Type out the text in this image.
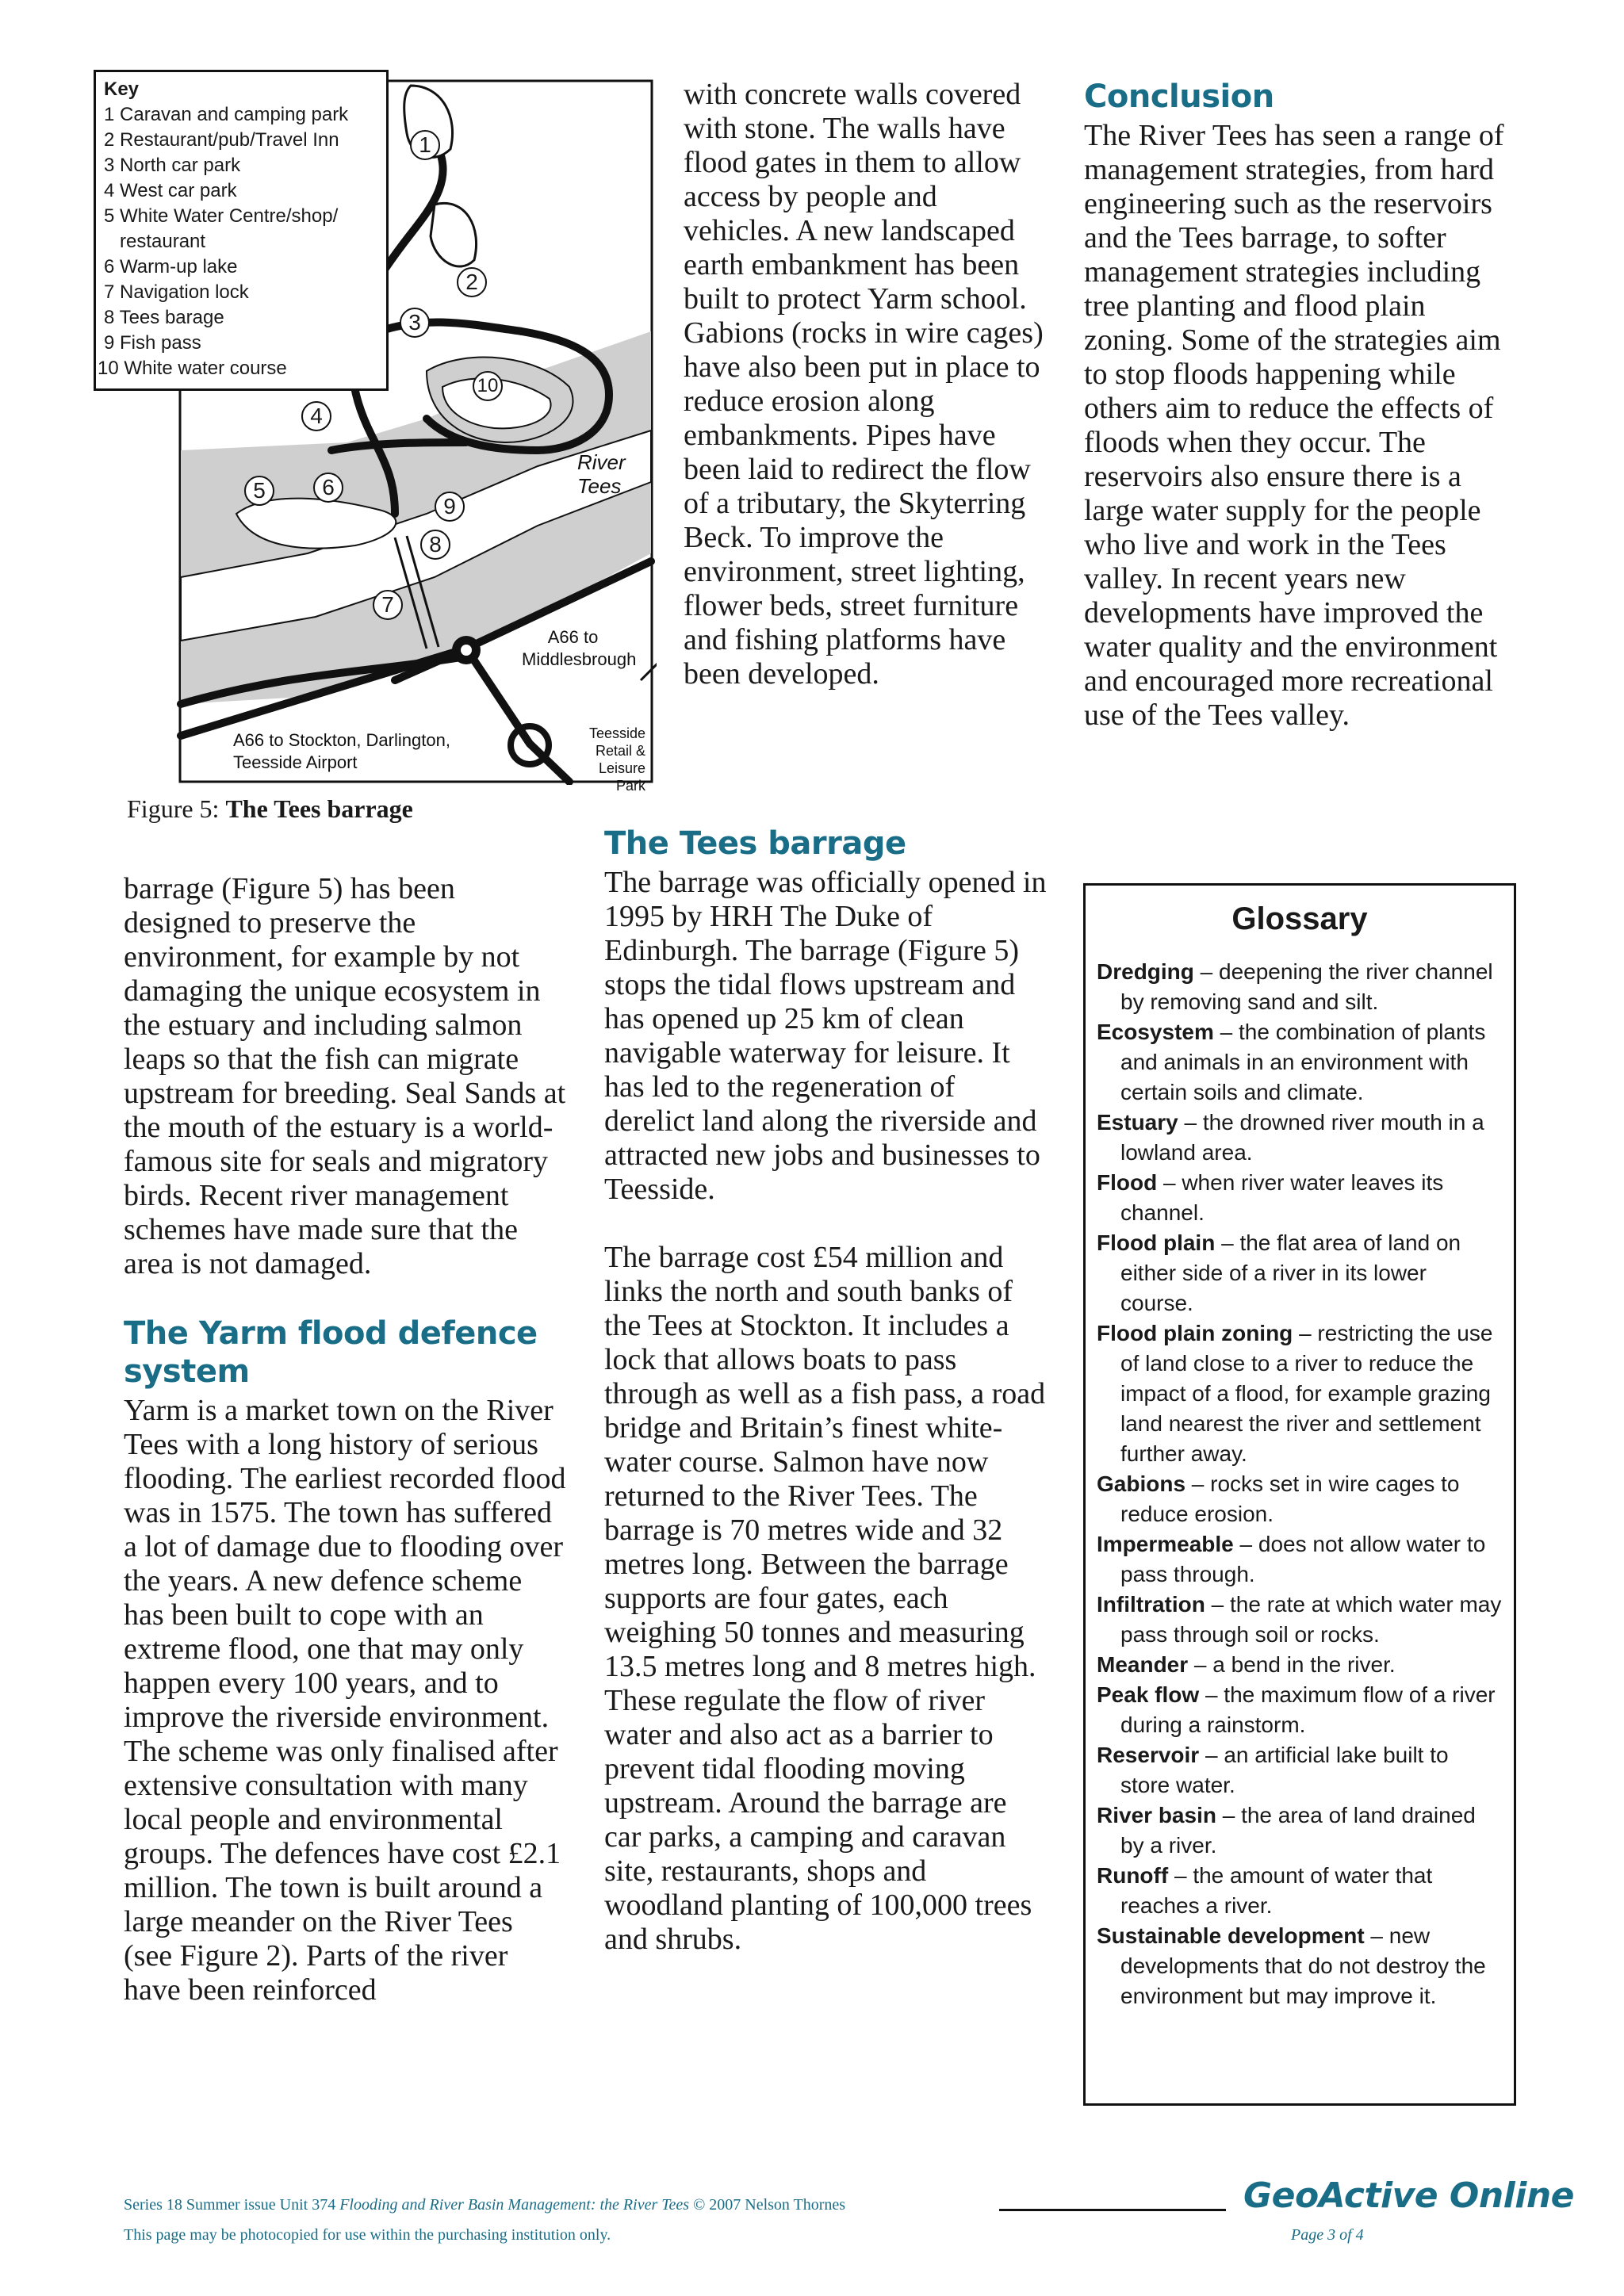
1
2
3
4
5	6
7
8
9
10
River
Tees
A66 to
Middlesbrough
A66 to Stockton, Darlington,
Teesside Airport
Teesside
Retail & Leisure
Park
Key
1 Caravan and camping park
2 Restaurant/pub/Travel Inn
3 North car park
4 West car park
5 White Water Centre/shop/
restaurant
6 Warm-up lake
7 Navigation lock
8 Tees barage
9 Fish pass
10 White water course
Figure 5: The Tees barrage

barrage (Figure 5) has been designed to preserve the environment, for example by not damaging the unique ecosystem in the estuary and including salmon leaps so that the fish can migrate upstream for breeding. Seal Sands at the mouth of the estuary is a world-famous site for seals and migratory birds. Recent river management schemes have made sure that the area is not damaged.

The Yarm flood defence system

Yarm is a market town on the River Tees with a long history of serious flooding. The earliest recorded flood was in 1575. The town has suffered a lot of damage due to flooding over the years. A new defence scheme has been built to cope with an extreme flood, one that may only happen every 100 years, and to improve the riverside environment. The scheme was only finalised after extensive consultation with many local people and environmental groups. The defences have cost £2.1 million. The town is built around a large meander on the River Tees (see Figure 2). Parts of the river have been reinforced

with concrete walls covered with stone. The walls have flood gates in them to allow access by people and vehicles. A new landscaped earth embankment has been built to protect Yarm school. Gabions (rocks in wire cages) have also been put in place to reduce erosion along embankments. Pipes have been laid to redirect the flow of a tributary, the Skyterring Beck. To improve the environment, street lighting, flower beds, street furniture and fishing platforms have been developed.

The Tees barrage

The barrage was officially opened in 1995 by HRH The Duke of Edinburgh. The barrage (Figure 5) stops the tidal flows upstream and has opened up 25 km of clean navigable waterway for leisure. It has led to the regeneration of derelict land along the riverside and attracted new jobs and businesses to Teesside.

The barrage cost £54 million and links the north and south banks of the Tees at Stockton. It includes a lock that allows boats to pass through as well as a fish pass, a road bridge and Britain’s finest white-water course. Salmon have now returned to the River Tees. The barrage is 70 metres wide and 32 metres long. Between the barrage supports are four gates, each weighing 50 tonnes and measuring 13.5 metres long and 8 metres high. These regulate the flow of river water and also act as a barrier to prevent tidal flooding moving upstream. Around the barrage are car parks, a camping and caravan site, restaurants, shops and woodland planting of 100,000 trees and shrubs.

Conclusion

The River Tees has seen a range of management strategies, from hard engineering such as the reservoirs and the Tees barrage, to softer management strategies including tree planting and flood plain zoning. Some of the strategies aim to stop floods happening while others aim to reduce the effects of floods when they occur. The reservoirs also ensure there is a large water supply for the people who live and work in the Tees valley. In recent years new developments have improved the water quality and the environment and encouraged more recreational use of the Tees valley.

Glossary

Dredging – deepening the river channel by removing sand and silt.

Ecosystem – the combination of plants and animals in an environment with certain soils and climate.

Estuary – the drowned river mouth in a lowland area.

Flood – when river water leaves its channel.

Flood plain – the flat area of land on either side of a river in its lower course.

Flood plain zoning – restricting the use of land close to a river to reduce the impact of a flood, for example grazing land nearest the river and settlement further away.

Gabions – rocks set in wire cages to reduce erosion.

Impermeable – does not allow water to pass through.

Infiltration – the rate at which water may pass through soil or rocks.

Meander – a bend in the river.

Peak flow – the maximum flow of a river during a rainstorm.

Reservoir – an artificial lake built to store water.

River basin – the area of land drained by a river.

Runoff – the amount of water that reaches a river.

Sustainable development – new developments that do not destroy the environment but may improve it.

Series 18 Summer issue Unit 374 Flooding and River Basin Management: the River Tees © 2007 Nelson Thornes
This page may be photocopied for use within the purchasing institution only.
GeoActive Online
Page 3 of 4
